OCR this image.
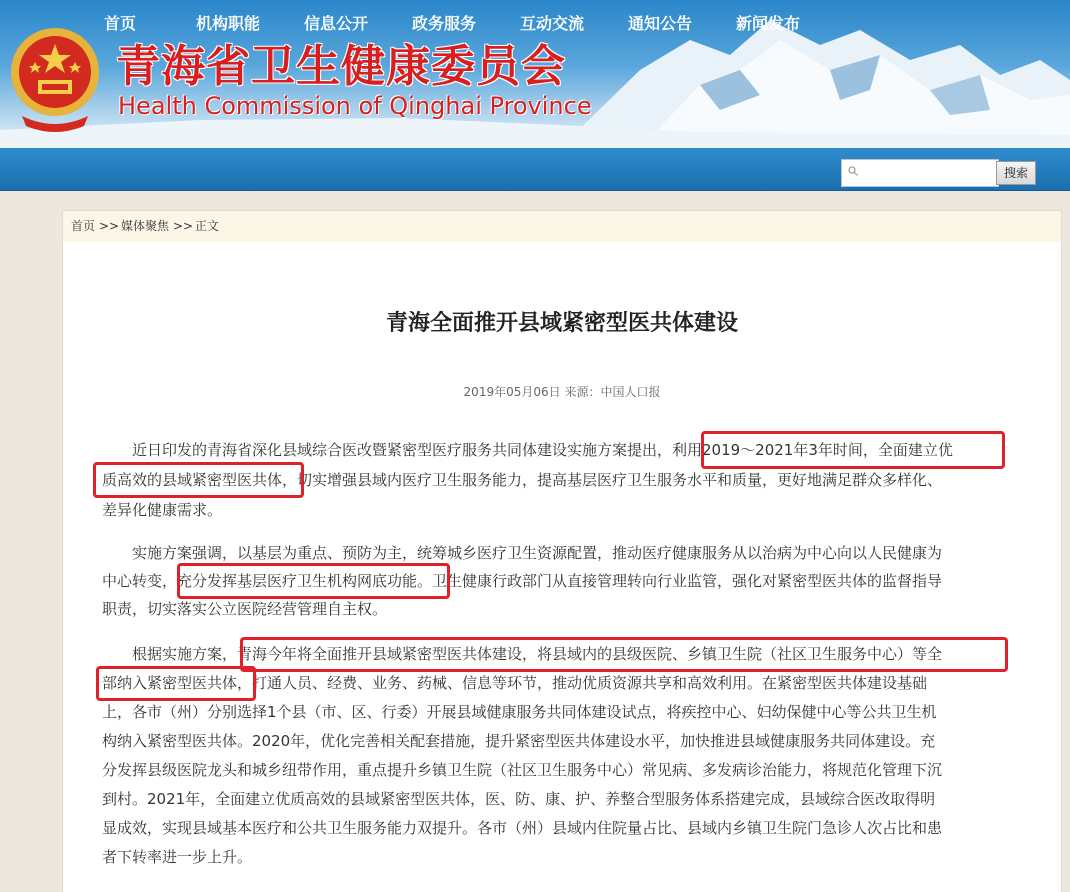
青海省卫生健康委员会
Health Commission of Qinghai Province
首页	机构职能	信息公开	政务服务	互动交流	通知公告	新闻发布
搜索
首页 >> 媒体聚焦 >> 正文
青海全面推开县域紧密型医共体建设
2019年05月06日 来源：中国人口报
　　近日印发的青海省深化县域综合医改暨紧密型医疗服务共同体建设实施方案提出，利用2019～2021年3年时间，全面建立优
质高效的县域紧密型医共体，切实增强县域内医疗卫生服务能力，提高基层医疗卫生服务水平和质量，更好地满足群众多样化、
差异化健康需求。
　　实施方案强调，以基层为重点、预防为主，统筹城乡医疗卫生资源配置，推动医疗健康服务从以治病为中心向以人民健康为
中心转变，充分发挥基层医疗卫生机构网底功能。卫生健康行政部门从直接管理转向行业监管，强化对紧密型医共体的监督指导
职责，切实落实公立医院经营管理自主权。
　　根据实施方案，青海今年将全面推开县域紧密型医共体建设，将县域内的县级医院、乡镇卫生院（社区卫生服务中心）等全
部纳入紧密型医共体，打通人员、经费、业务、药械、信息等环节，推动优质资源共享和高效利用。在紧密型医共体建设基础
上，各市（州）分别选择1个县（市、区、行委）开展县域健康服务共同体建设试点，将疾控中心、妇幼保健中心等公共卫生机
构纳入紧密型医共体。2020年，优化完善相关配套措施，提升紧密型医共体建设水平，加快推进县域健康服务共同体建设。充
分发挥县级医院龙头和城乡纽带作用，重点提升乡镇卫生院（社区卫生服务中心）常见病、多发病诊治能力，将规范化管理下沉
到村。2021年，全面建立优质高效的县域紧密型医共体，医、防、康、护、养整合型服务体系搭建完成，县域综合医改取得明
显成效，实现县域基本医疗和公共卫生服务能力双提升。各市（州）县域内住院量占比、县域内乡镇卫生院门急诊人次占比和患
者下转率进一步上升。
